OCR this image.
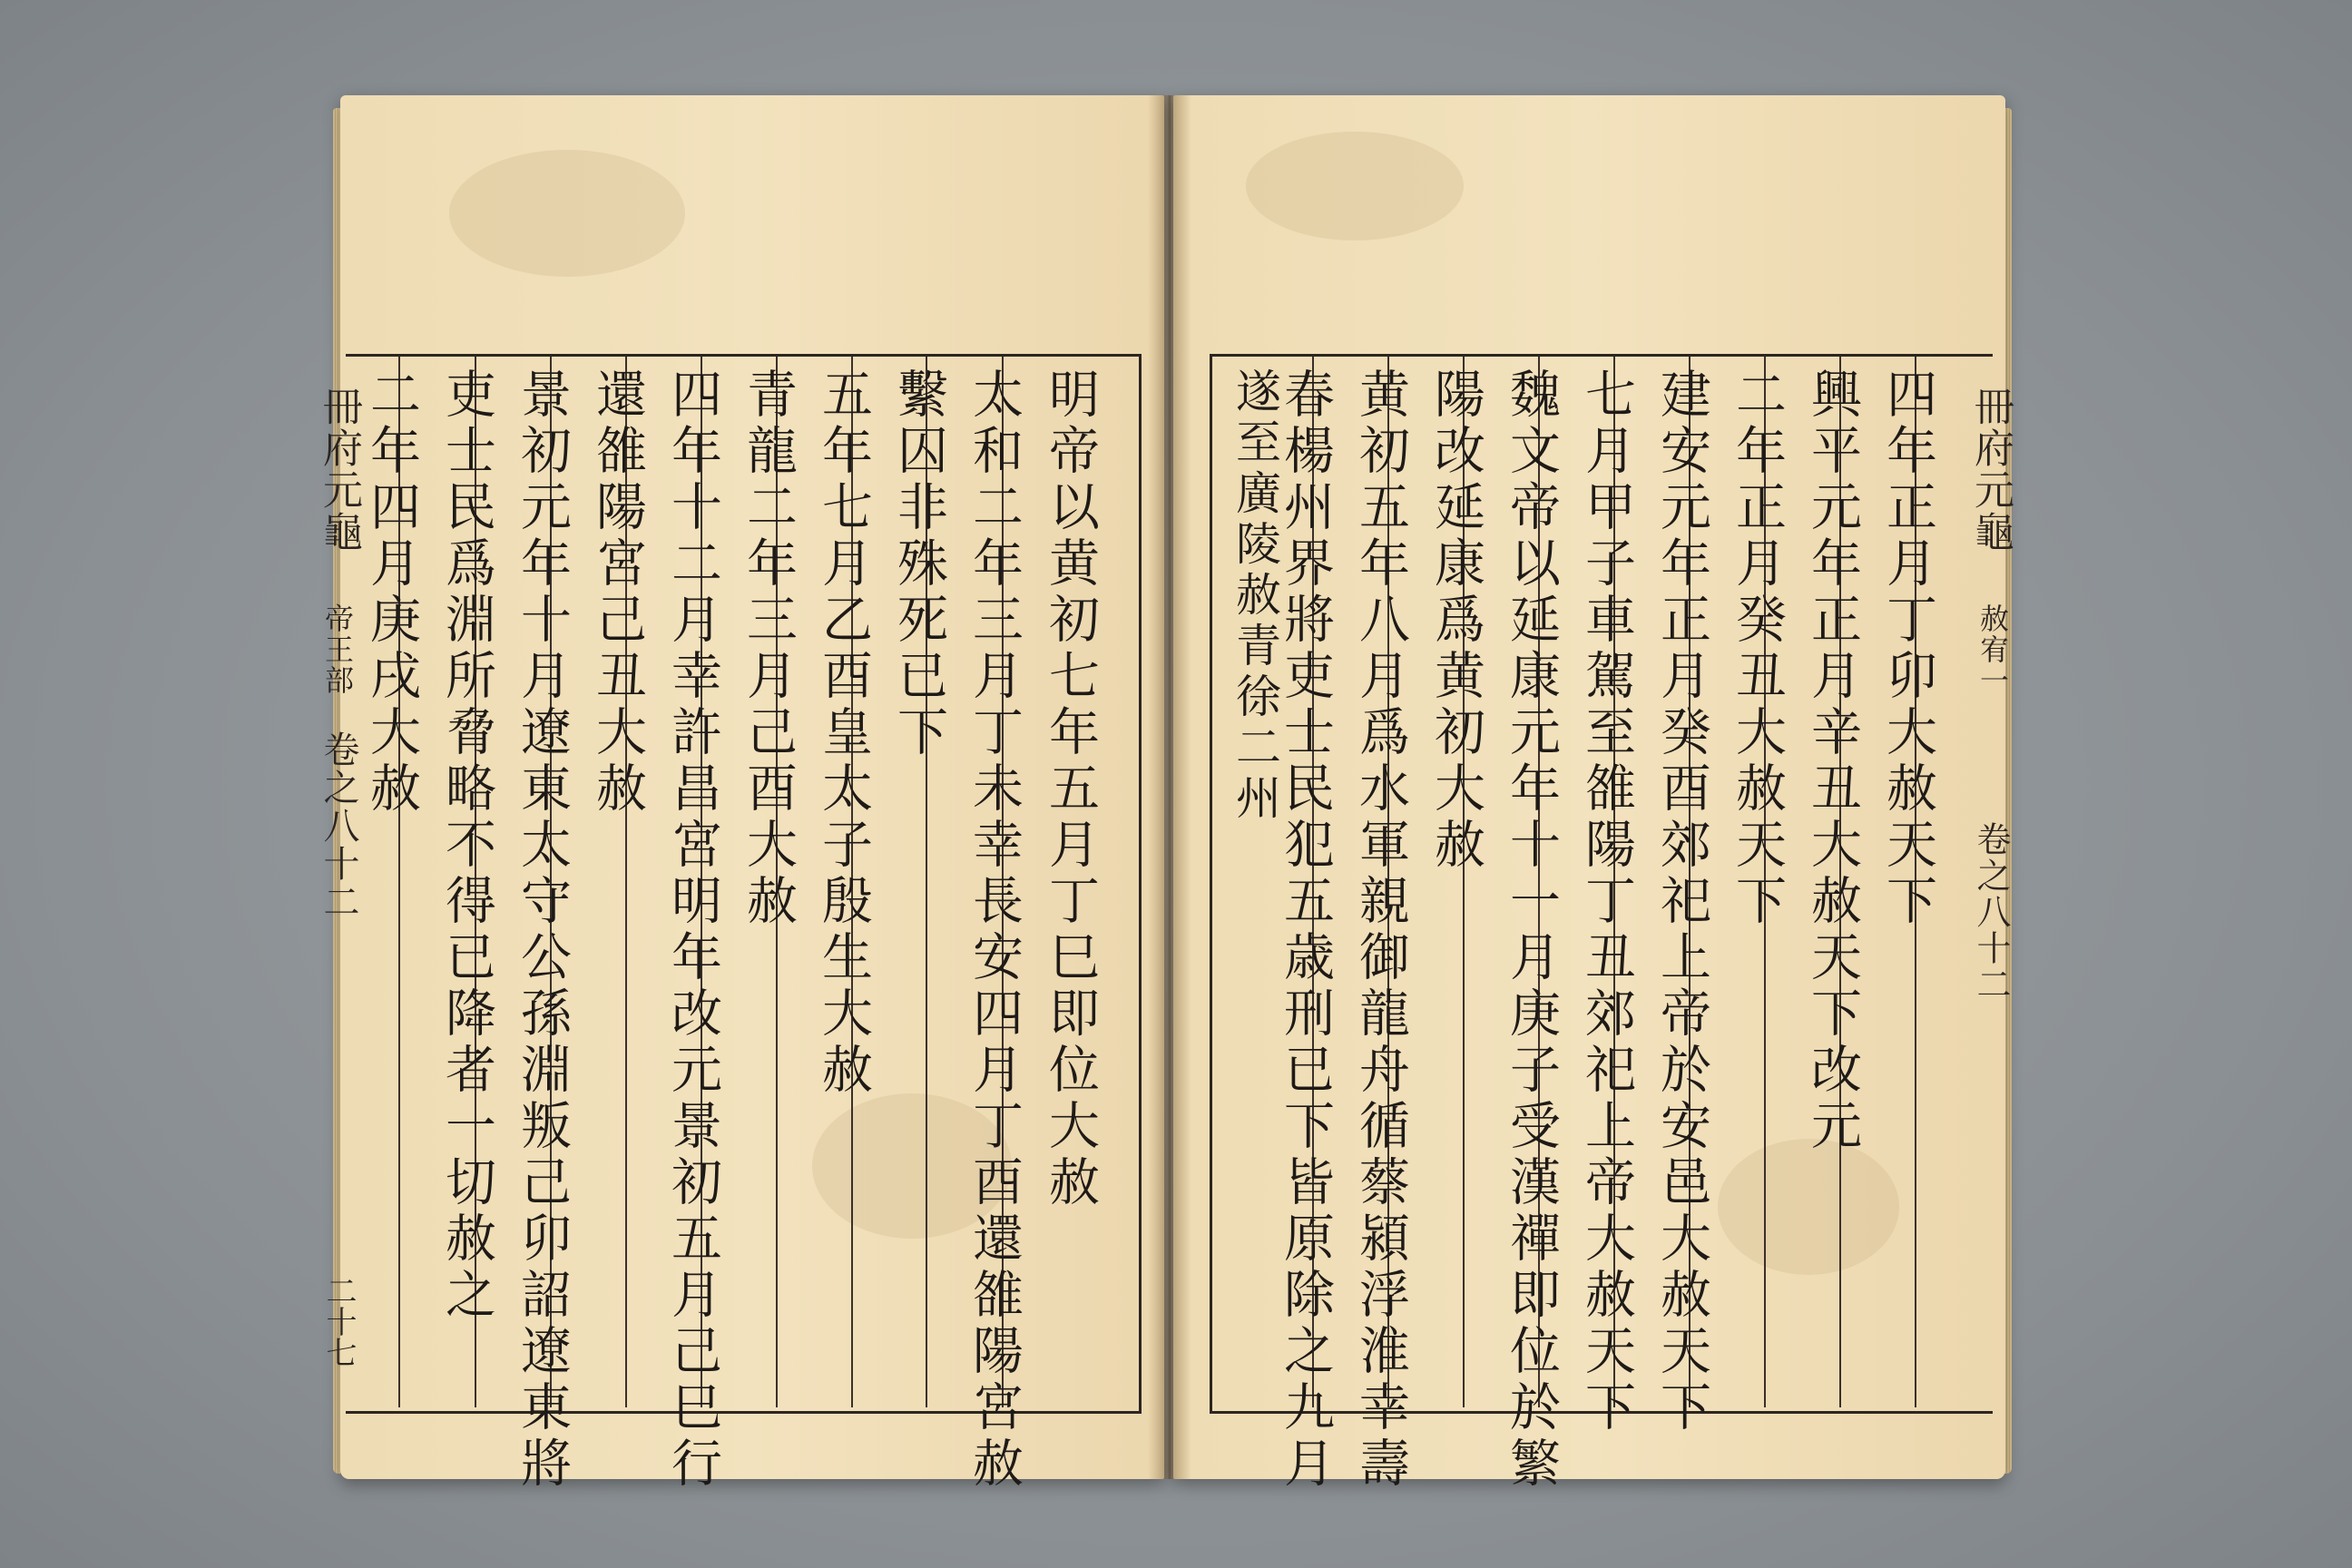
明帝以黄初七年五月丁巳即位大赦
太和二年三月丁未幸長安四月丁酉還雒陽宮赦
繫囚非殊死已下
五年七月乙酉皇太子殷生大赦
青龍二年三月己酉大赦
四年十二月幸許昌宮明年改元景初五月己巳行
還雒陽宮己丑大赦
景初元年十月遼東太守公孫淵叛己卯詔遼東將
吏士民爲淵所脅略不得已降者一切赦之
二年四月庚戌大赦
冊府元龜
帝王部
卷之八十二
二十七
冊府元龜
赦宥一
卷之八十二
四年正月丁卯大赦天下
興平元年正月辛丑大赦天下改元
二年正月癸丑大赦天下
建安元年正月癸酉郊祀上帝於安邑大赦天下
七月甲子車駕至雒陽丁丑郊祀上帝大赦天下
魏文帝以延康元年十一月庚子受漢禪即位於繁
陽改延康爲黄初大赦
黄初五年八月爲水軍親御龍舟循蔡潁浮淮幸壽
春楊州界將吏士民犯五歳刑已下皆原除之九月
遂至廣陵赦青徐二州
